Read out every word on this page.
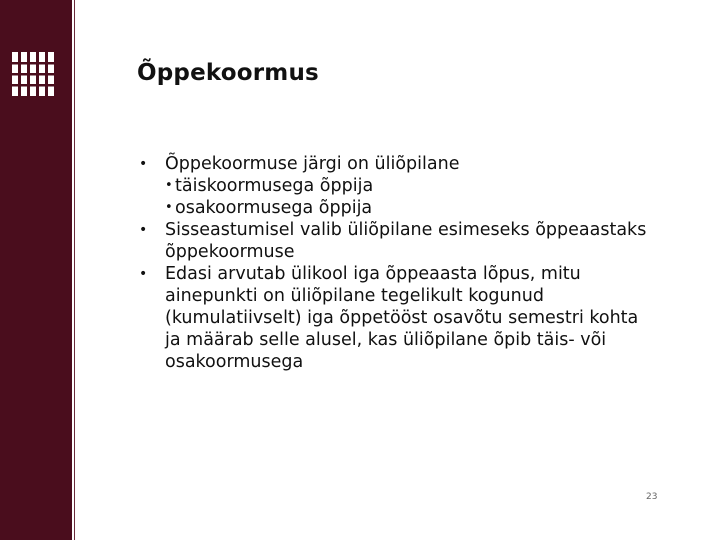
Õppekoormus
• Õppekoormuse järgi on üliõpilane
• täiskoormusega õppija
• osakoormusega õppija
• Sisseastumisel valib üliõpilane esimeseks õppeaastaks õppekoormuse
• Edasi arvutab ülikool iga õppeaasta lõpus, mitu ainepunkti on üliõpilane tegelikult kogunud (kumulatiivselt) iga õppetööst osavõtu semestri kohta ja määrab selle alusel, kas üliõpilane õpib täis- või osakoormusega
23
